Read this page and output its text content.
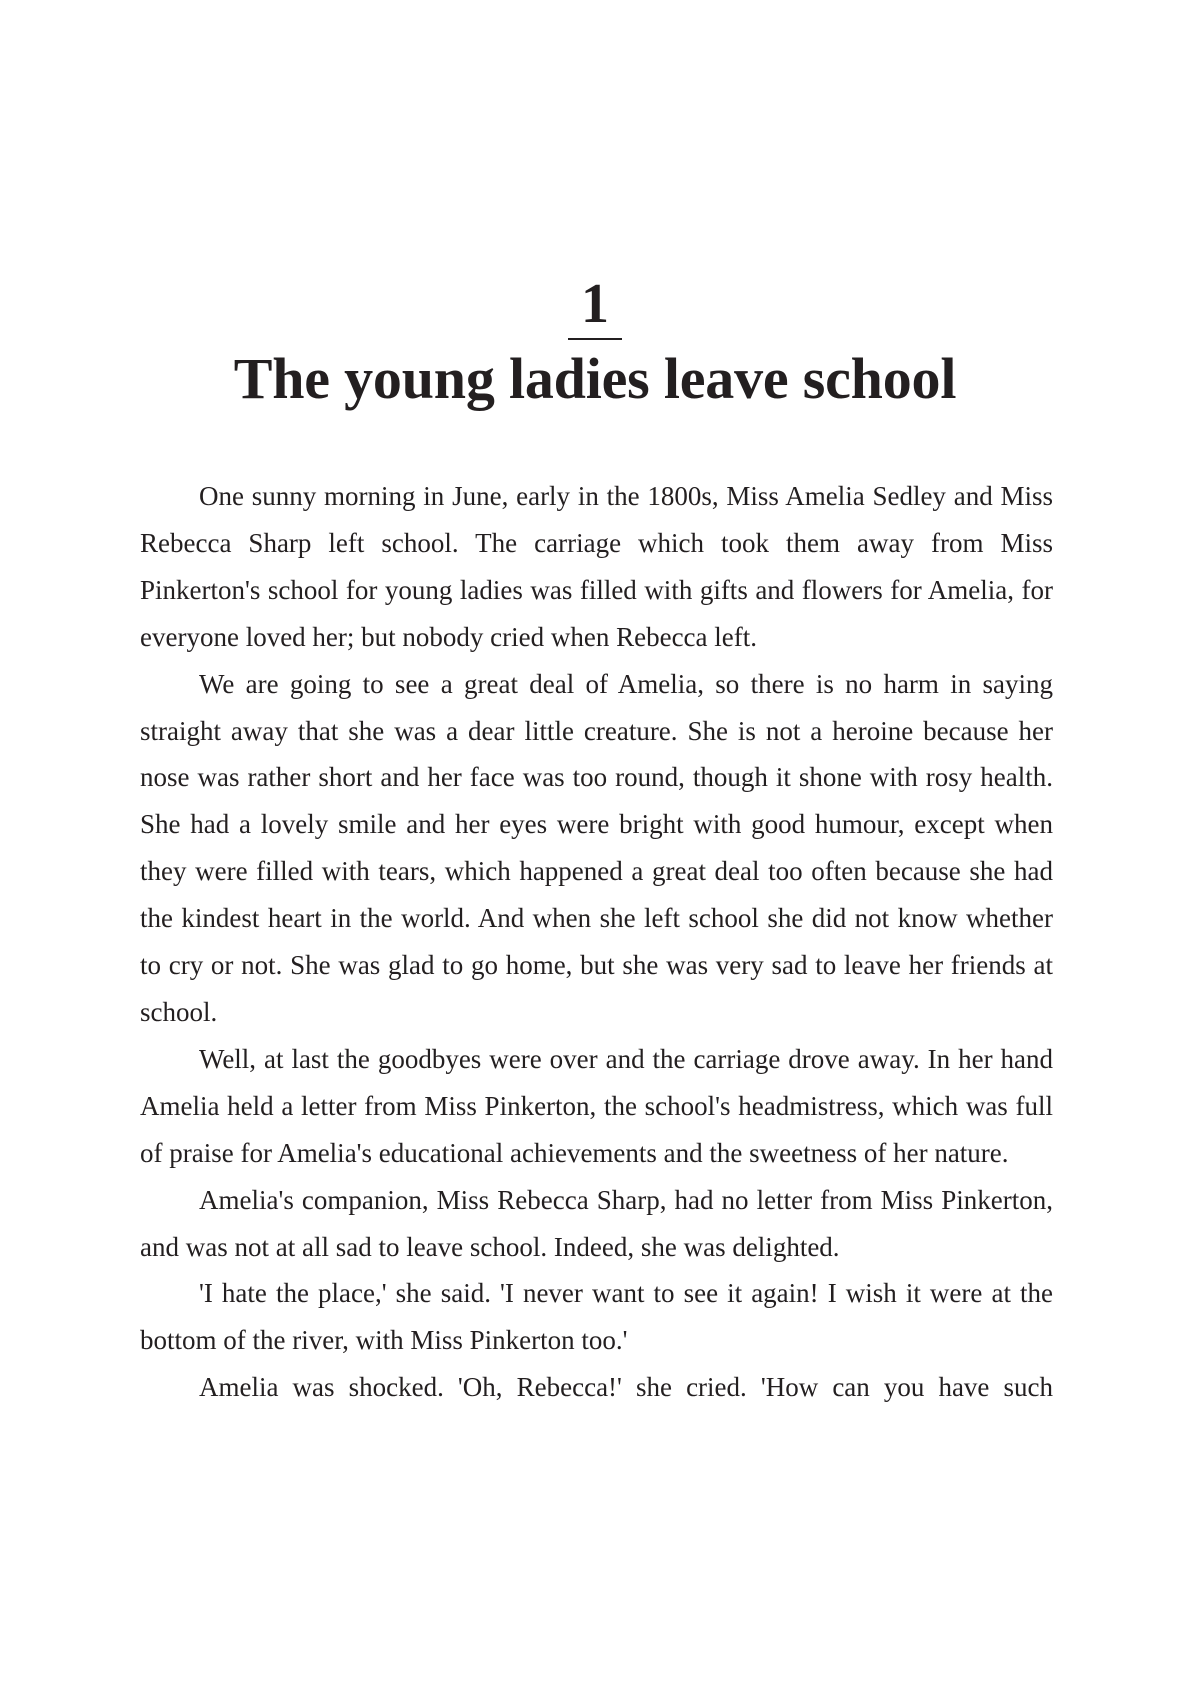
1
The young ladies leave school

One sunny morning in June, early in the 1800s, Miss Amelia Sedley and Miss Rebecca Sharp left school. The carriage which took them away from Miss Pinkerton's school for young ladies was filled with gifts and flowers for Amelia, for everyone loved her; but nobody cried when Rebecca left.

We are going to see a great deal of Amelia, so there is no harm in saying straight away that she was a dear little creature. She is not a heroine because her nose was rather short and her face was too round, though it shone with rosy health. She had a lovely smile and her eyes were bright with good humour, except when they were filled with tears, which happened a great deal too often because she had the kindest heart in the world. And when she left school she did not know whether to cry or not. She was glad to go home, but she was very sad to leave her friends at school.

Well, at last the goodbyes were over and the carriage drove away. In her hand Amelia held a letter from Miss Pinkerton, the school's headmistress, which was full of praise for Amelia's educational achievements and the sweetness of her nature.

Amelia's companion, Miss Rebecca Sharp, had no letter from Miss Pinkerton, and was not at all sad to leave school. Indeed, she was delighted.

'I hate the place,' she said. 'I never want to see it again! I wish it were at the bottom of the river, with Miss Pinkerton too.'

Amelia was shocked. 'Oh, Rebecca!' she cried. 'How can you have such
